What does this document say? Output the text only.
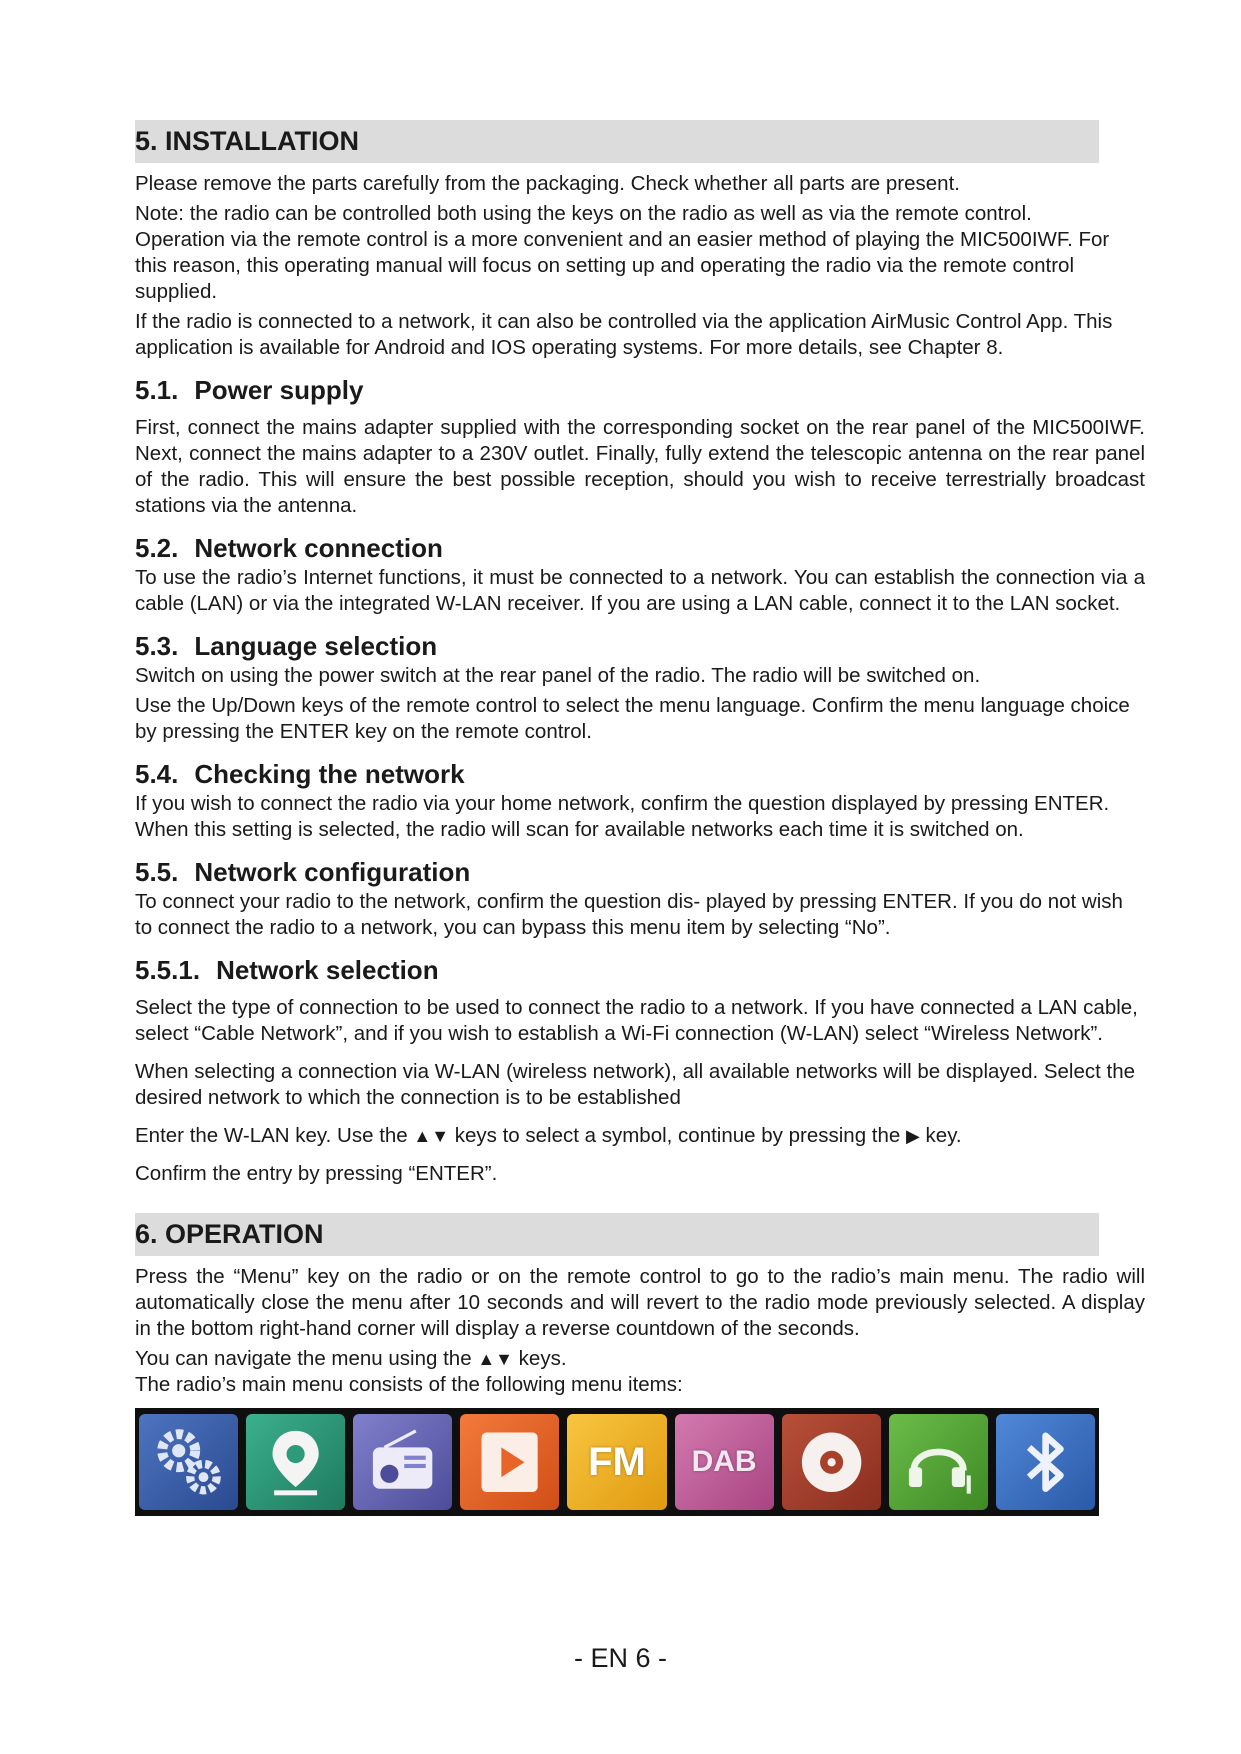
5. INSTALLATION

Please remove the parts carefully from the packaging. Check whether all parts are present.

Note: the radio can be controlled both using the keys on the radio as well as via the remote control.

Operation via the remote control is a more convenient and an easier method of playing the MIC500IWF. For this reason, this operating manual will focus on setting up and operating the radio via the remote control supplied.

If the radio is connected to a network, it can also be controlled via the application AirMusic Control App. This application is available for Android and IOS operating systems. For more details, see Chapter 8.

5.1. Power supply

First, connect the mains adapter supplied with the corresponding socket on the rear panel of the MIC500IWF. Next, connect the mains adapter to a 230V outlet. Finally, fully extend the telescopic antenna on the rear panel of the radio. This will ensure the best possible reception, should you wish to receive terrestrially broadcast stations via the antenna.

5.2. Network connection

To use the radio’s Internet functions, it must be connected to a network. You can establish the connection via a cable (LAN) or via the integrated W-LAN receiver. If you are using a LAN cable, connect it to the LAN socket.

5.3. Language selection

Switch on using the power switch at the rear panel of the radio. The radio will be switched on.

Use the Up/Down keys of the remote control to select the menu language. Confirm the menu language choice by pressing the ENTER key on the remote control.

5.4. Checking the network

If you wish to connect the radio via your home network, confirm the question displayed by pressing ENTER. When this setting is selected, the radio will scan for available networks each time it is switched on.

5.5. Network configuration

To connect your radio to the network, confirm the question dis- played by pressing ENTER. If you do not wish to connect the radio to a network, you can bypass this menu item by selecting “No”.

5.5.1. Network selection

Select the type of connection to be used to connect the radio to a network. If you have connected a LAN cable, select “Cable Network”, and if you wish to establish a Wi-Fi connection (W-LAN) select “Wireless Network”.

When selecting a connection via W-LAN (wireless network), all available networks will be displayed. Select the desired network to which the connection is to be established

Enter the W-LAN key. Use the ▲▼ keys to select a symbol, continue by pressing the ▶ key.

Confirm the entry by pressing “ENTER”.

6. OPERATION

Press the “Menu” key on the radio or on the remote control to go to the radio’s main menu. The radio will automatically close the menu after 10 seconds and will revert to the radio mode previously selected. A display in the bottom right-hand corner will display a reverse countdown of the seconds.

You can navigate the menu using the ▲▼ keys.

The radio’s main menu consists of the following menu items:

FM DAB
- EN 6 -
